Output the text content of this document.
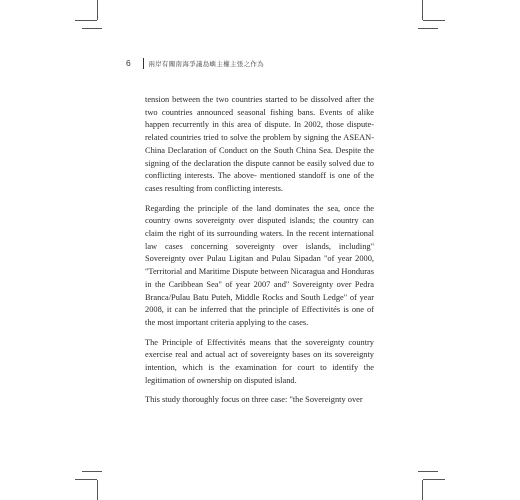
6	兩岸有關南海爭議島嶼主權主張之作為

tension between the two countries started to be dissolved after the two countries announced seasonal fishing bans. Events of alike happen recurrently in this area of dispute. In 2002, those dispute-related countries tried to solve the problem by signing the ASEAN-China Declaration of Conduct on the South China Sea. Despite the signing of the declaration the dispute cannot be easily solved due to conflicting interests. The above- mentioned standoff is one of the cases resulting from conflicting interests.

Regarding the principle of the land dominates the sea, once the country owns sovereignty over disputed islands; the country can claim the right of its surrounding waters. In the recent international law cases concerning sovereignty over islands, including" Sovereignty over Pulau Ligitan and Pulau Sipadan "of year 2000, "Territorial and Maritime Dispute between Nicaragua and Honduras in the Caribbean Sea" of year 2007 and" Sovereignty over Pedra Branca/Pulau Batu Puteh, Middle Rocks and South Ledge" of year 2008, it can be inferred that the principle of Effectivités is one of the most important criteria applying to the cases.

The Principle of Effectivités means that the sovereignty country exercise real and actual act of sovereignty bases on its sovereignty intention, which is the examination for court to identify the legitimation of ownership on disputed island.

This study thoroughly focus on three case: "the Sovereignty over
